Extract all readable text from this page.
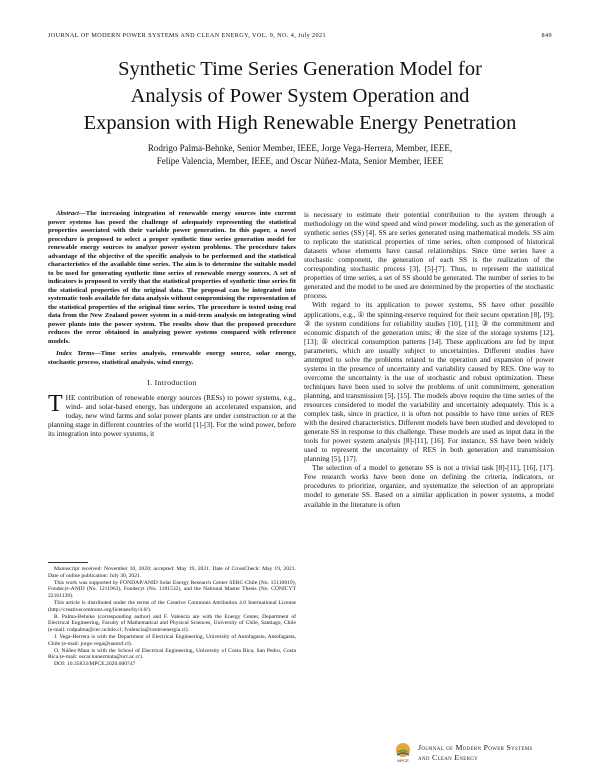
JOURNAL OF MODERN POWER SYSTEMS AND CLEAN ENERGY, VOL. 9, NO. 4, July 2021	849
Synthetic Time Series Generation Model for
Analysis of Power System Operation and
Expansion with High Renewable Energy Penetration
Rodrigo Palma-Behnke, Senior Member, IEEE, Jorge Vega-Herrera, Member, IEEE,
Felipe Valencia, Member, IEEE, and Oscar Núñez-Mata, Senior Member, IEEE

Abstract—The increasing integration of renewable energy sources into current power systems has posed the challenge of adequately representing the statistical properties associated with their variable power generation. In this paper, a novel procedure is proposed to select a proper synthetic time series generation model for renewable energy sources to analyze power system problems. The procedure takes advantage of the objective of the specific analysis to be performed and the statistical characteristics of the available time series. The aim is to determine the suitable model to be used for generating synthetic time series of renewable energy sources. A set of indicators is proposed to verify that the statistical properties of synthetic time series fit the statistical properties of the original data. The proposal can be integrated into systematic tools available for data analysis without compromising the representation of the statistical properties of the original time series. The procedure is tested using real data from the New Zealand power system in a mid-term analysis on integrating wind power plants into the power system. The results show that the proposed procedure reduces the error obtained in analyzing power systems compared with reference models.

Index Terms—Time series analysis, renewable energy source, solar energy, stochastic process, statistical analysis, wind energy.

I. Introduction

THE contribution of renewable energy sources (RESs) to power systems, e.g., wind- and solar-based energy, has undergone an accelerated expansion, and today, new wind farms and solar power plants are under construction or at the planning stage in different countries of the world [1]-[3]. For the wind power, before its integration into power systems, it

is necessary to estimate their potential contribution to the system through a methodology on the wind speed and wind power modeling, such as the generation of synthetic series (SS) [4]. SS are series generated using mathematical models. SS aim to replicate the statistical properties of time series, often composed of historical datasets whose elements have causal relationships. Since time series have a stochastic component, the generation of each SS is the realization of the corresponding stochastic process [3], [5]-[7]. Thus, to represent the statistical properties of time series, a set of SS should be generated. The number of series to be generated and the model to be used are determined by the properties of the stochastic process.

With regard to its application to power systems, SS have other possible applications, e.g., ① the spinning-reserve required for their secure operation [8], [9]; ② the system conditions for reliability studies [10], [11]; ③ the commitment and economic dispatch of the generation units; ④ the size of the storage systems [12], [13]; ⑤ electrical consumption patterns [14]. These applications are fed by input parameters, which are usually subject to uncertainties. Different studies have attempted to solve the problems related to the operation and expansion of power systems in the presence of uncertainty and variability caused by RES. One way to overcome the uncertainty is the use of stochastic and robust optimization. These techniques have been used to solve the problems of unit commitment, generation planning, and transmission [5], [15]. The models above require the time series of the resources considered to model the variability and uncertainty adequately. This is a complex task, since in practice, it is often not possible to have time series of RES with the desired characteristics. Different models have been studied and developed to generate SS in response to this challenge. These models are used as input data in the tools for power system analysis [8]-[11], [16]. For instance, SS have been widely used to represent the uncertainty of RES in both generation and transmission planning [5], [17].

The selection of a model to generate SS is not a trivial task [8]-[11], [16], [17]. Few research works have been done on defining the criteria, indicators, or procedures to prioritize, organize, and systematize the selection of an appropriate model to generate SS. Based on a similar application in power systems, a model available in the literature is often

Manuscript received: November 10, 2020; accepted: May 19, 2021. Date of CrossCheck: May 19, 2021. Date of online publication: July 30, 2021.

This work was supported by FONDAP/ANID Solar Energy Research Center SERC-Chile (No. 15110019), Fondecyt-ANID (No. 1211963), Fondecyt (No. 1181532), and the National Master Thesis (No. CONICYT 22161139).

This article is distributed under the terms of the Creative Commons Attribution 4.0 International License (http://creativecommons.org/licenses/by/4.0/).

R. Palma-Behnke (corresponding author) and F. Valencia are with the Energy Center, Department of Electrical Engineering, Faculty of Mathematical and Physical Sciences, University of Chile, Santiago, Chile (e-mail: rodpalma@cec.uchile.cl; fvalencia@centroenergia.cl).

J. Vega-Herrera is with the Department of Electrical Engineering, University of Antofagasta, Antofagasta, Chile (e-mail: jorge.vega@uantof.cl).

O. Núñez-Mata is with the School of Electrical Engineering, University of Costa Rica, San Pedro, Costa Rica (e-mail: oscar.nunezmata@ucr.ac.cr).

DOI: 10.35833/MPCE.2020.000747

MPCE
Journal of Modern Power Systems
and Clean Energy
